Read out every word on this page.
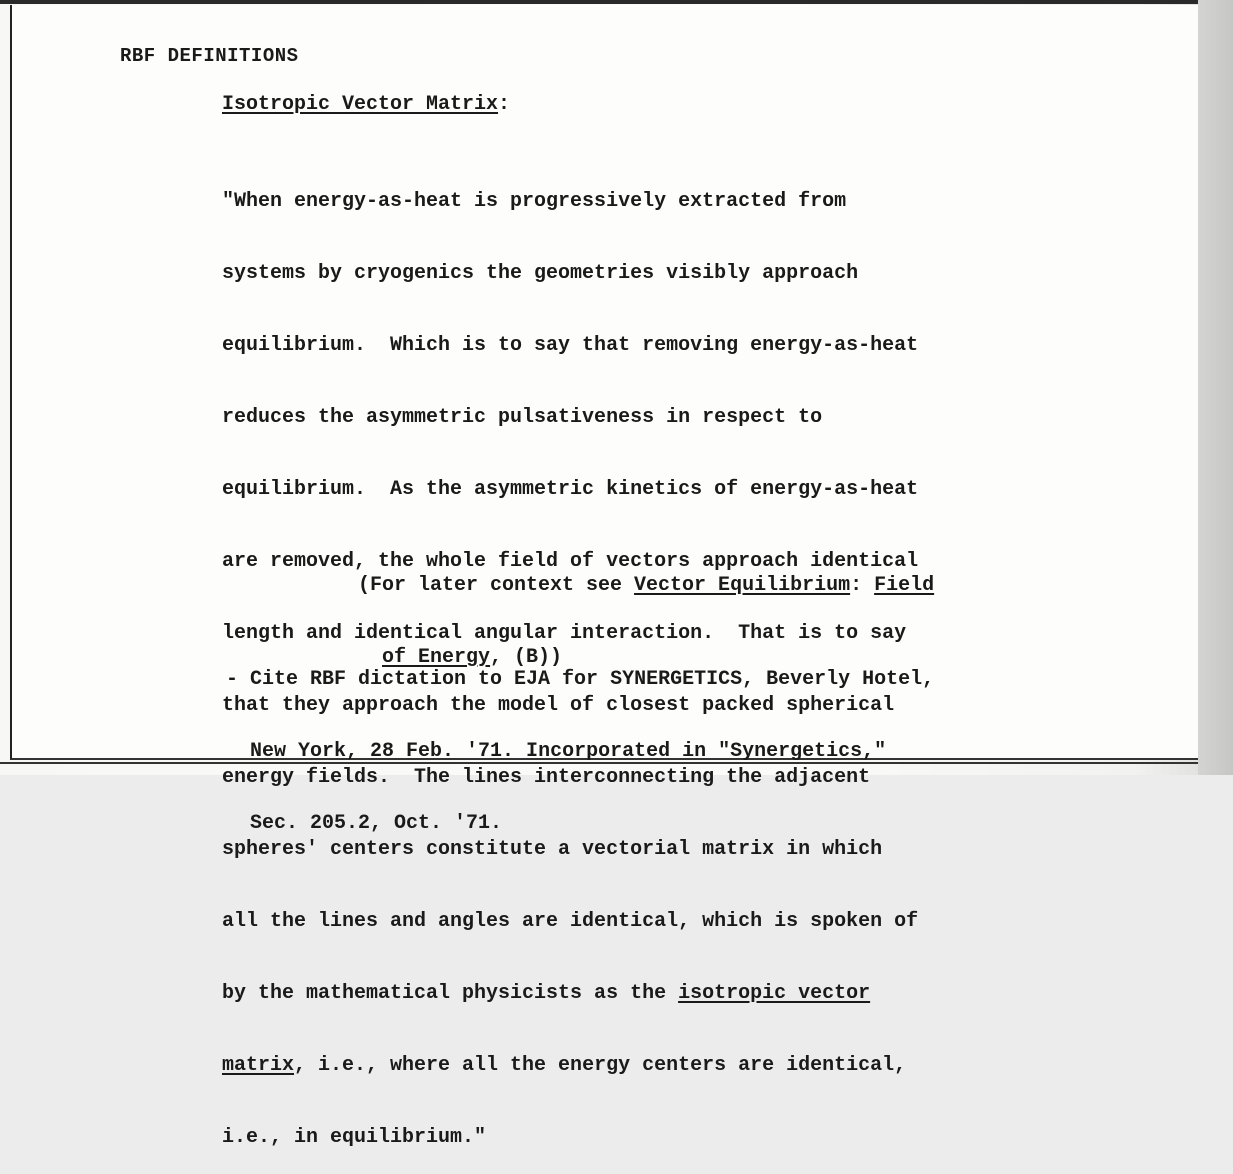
RBF DEFINITIONS
Isotropic Vector Matrix:

"When energy-as-heat is progressively extracted from

systems by cryogenics the geometries visibly approach

equilibrium.  Which is to say that removing energy-as-heat

reduces the asymmetric pulsativeness in respect to

equilibrium.  As the asymmetric kinetics of energy-as-heat

are removed, the whole field of vectors approach identical

length and identical angular interaction.  That is to say

that they approach the model of closest packed spherical

energy fields.  The lines interconnecting the adjacent

spheres' centers constitute a vectorial matrix in which

all the lines and angles are identical, which is spoken of

by the mathematical physicists as the isotropic vector

matrix, i.e., where all the energy centers are identical,

i.e., in equilibrium."

(For later context see Vector Equilibrium: Field

of Energy, (B))

- Cite RBF dictation to EJA for SYNERGETICS, Beverly Hotel,

New York, 28 Feb. '71. Incorporated in "Synergetics,"

Sec. 205.2, Oct. '71.
